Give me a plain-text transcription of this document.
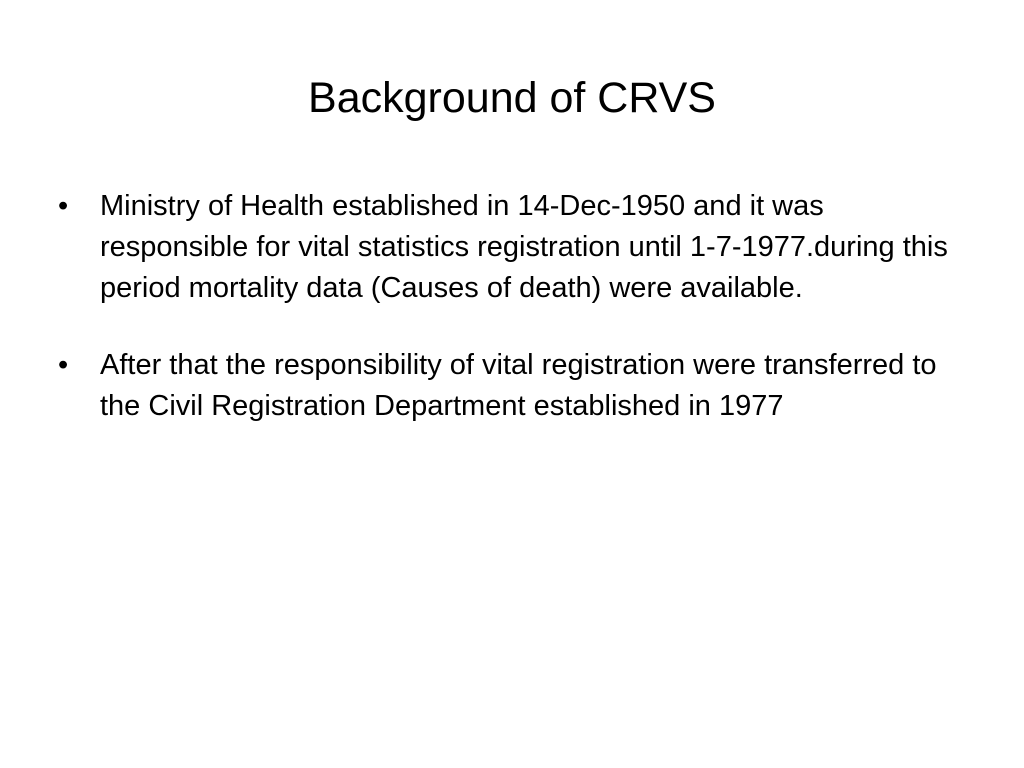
Background of CRVS
•	Ministry of Health established in 14-Dec-1950 and it was responsible for vital statistics registration until 1-7-1977.during this period mortality data (Causes of death) were available.
•	After that the responsibility of vital registration were transferred to the Civil Registration Department established in 1977
